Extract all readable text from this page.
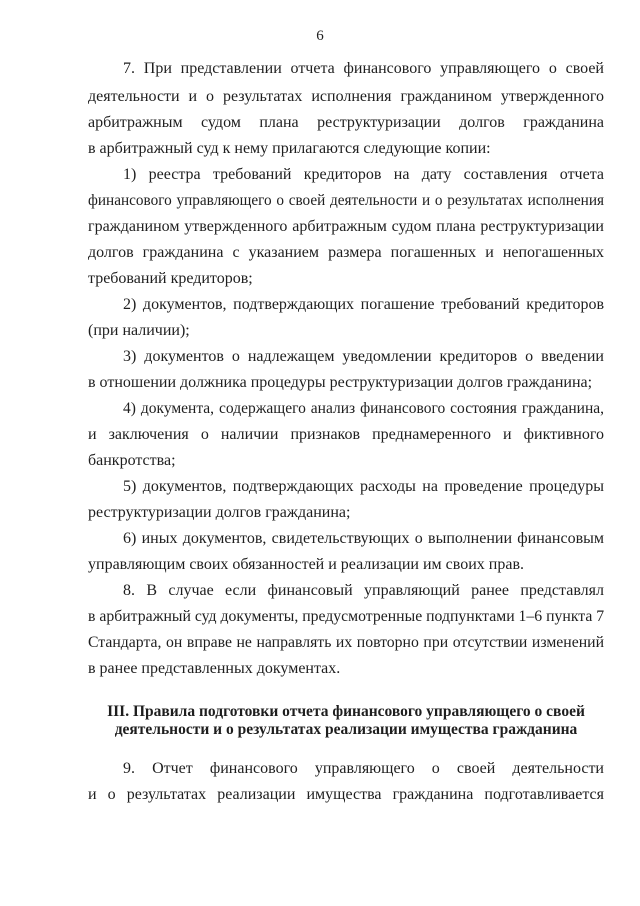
6
7. При представлении отчета финансового управляющего о своей
деятельности и о результатах исполнения гражданином утвержденного
арбитражным судом плана реструктуризации долгов гражданина
в арбитражный суд к нему прилагаются следующие копии:
1) реестра требований кредиторов на дату составления отчета
финансового управляющего о своей деятельности и о результатах исполнения
гражданином утвержденного арбитражным судом плана реструктуризации
долгов гражданина с указанием размера погашенных и непогашенных
требований кредиторов;
2) документов, подтверждающих погашение требований кредиторов
(при наличии);
3) документов о надлежащем уведомлении кредиторов о введении
в отношении должника процедуры реструктуризации долгов гражданина;
4) документа, содержащего анализ финансового состояния гражданина,
и заключения о наличии признаков преднамеренного и фиктивного
банкротства;
5) документов, подтверждающих расходы на проведение процедуры
реструктуризации долгов гражданина;
6) иных документов, свидетельствующих о выполнении финансовым
управляющим своих обязанностей и реализации им своих прав.
8. В случае если финансовый управляющий ранее представлял
в арбитражный суд документы, предусмотренные подпунктами 1–6 пункта 7
Стандарта, он вправе не направлять их повторно при отсутствии изменений
в ранее представленных документах.
III. Правила подготовки отчета финансового управляющего о своей
деятельности и о результатах реализации имущества гражданина
9. Отчет финансового управляющего о своей деятельности
и о результатах реализации имущества гражданина подготавливается
